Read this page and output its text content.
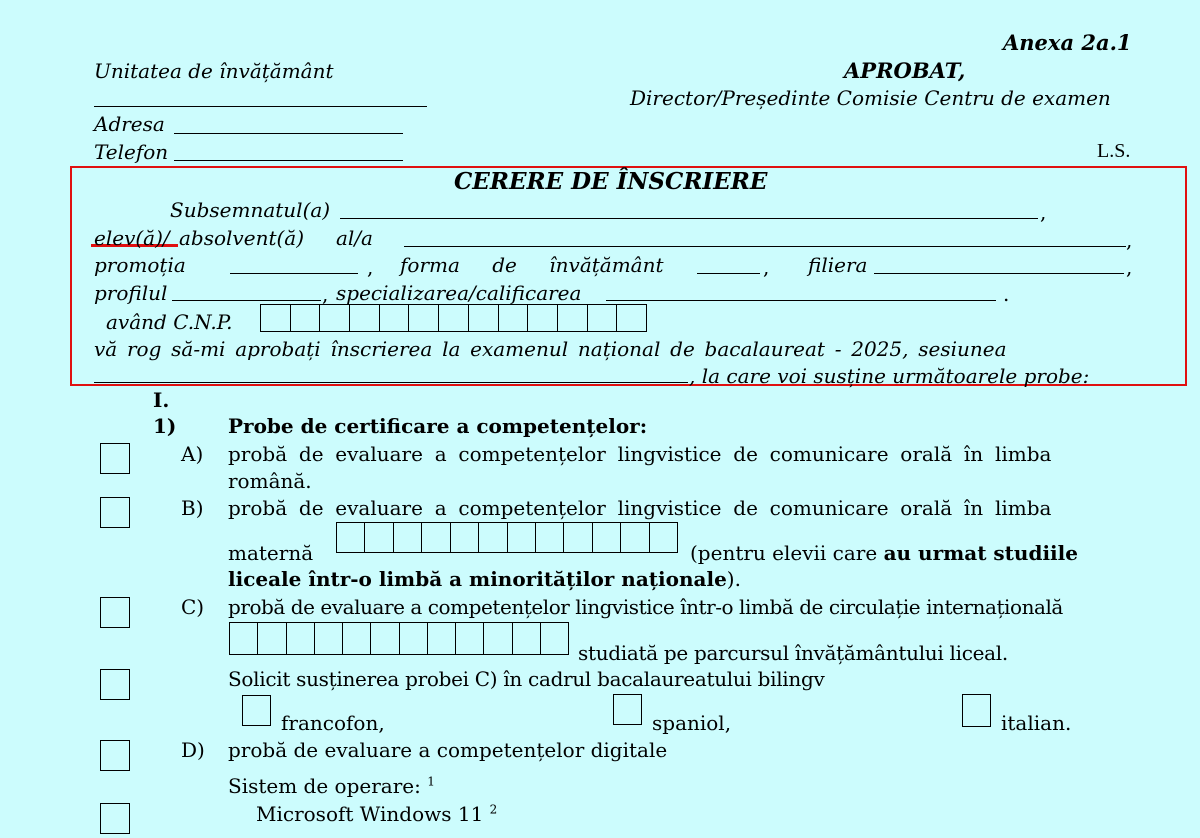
Anexa 2a.1
Unitatea de învățământ	APROBAT,
Director/Președinte Comisie Centru de examen
Adresa
Telefon	L.S.
CERERE DE ÎNSCRIERE
Subsemnatul(a)	,
elev(ă)/ absolvent(ă) al/a	,
promoția	, forma de învățământ	, filiera	,
profilul	, specializarea/calificarea	.
având C.N.P.
vă rog să-mi aprobați înscrierea la examenul național de bacalaureat - 2025, sesiunea
, la care voi susține următoarele probe:
I.
1)	Probe de certificare a competențelor:
A) probă de evaluare a competențelor lingvistice de comunicare orală în limba
română.
B) probă de evaluare a competențelor lingvistice de comunicare orală în limba
maternă	(pentru elevii care au urmat studiile
liceale într-o limbă a minorităților naționale).
C) probă de evaluare a competențelor lingvistice într-o limbă de circulație internațională
studiată pe parcursul învățământului liceal.
Solicit susținerea probei C) în cadrul bacalaureatului bilingv
francofon,	spaniol,	italian.
D) probă de evaluare a competențelor digitale
Sistem de operare: $^1$
Microsoft Windows 11 $^2$
